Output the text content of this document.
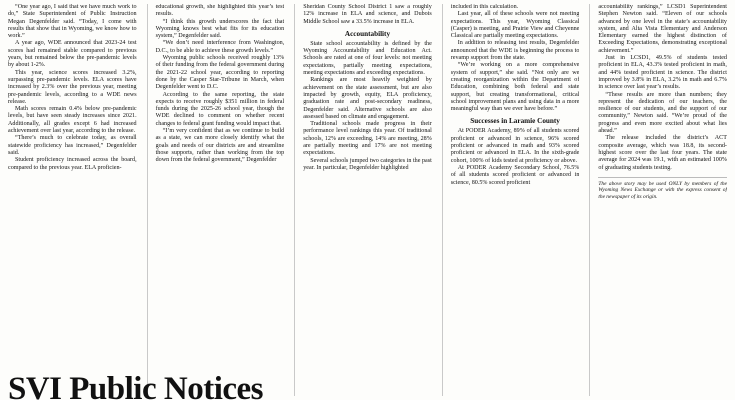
“One year ago, I said that we have much work to do,” State Superintendent of Public Instruction Megan Degenfelder said. “Today, I come with results that show that in Wyoming, we know how to work.”

A year ago, WDE announced that 2023-24 test scores had remained stable compared to previous years, but remained below the pre-pandemic levels by about 1-2%.

This year, science scores increased 3.2%, surpassing pre-pandemic levels. ELA scores have increased by 2.3% over the previous year, meeting pre-pandemic levels, according to a WDE news release.

Math scores remain 0.4% below pre-pandemic levels, but have seen steady increases since 2021. Additionally, all grades except 6 had increased achievement over last year, according to the release.

“There’s much to celebrate today, as overall statewide proficiency has increased,” Degenfelder said.

Student proficiency increased across the board, compared to the previous year. ELA proficien-

educational growth, she highlighted this year’s test results.

“I think this growth underscores the fact that Wyoming knows best what fits for its education system,” Degenfelder said.

“We don’t need interference from Washington, D.C., to be able to achieve these growth levels.”

Wyoming public schools received roughly 13% of their funding from the federal government during the 2021-22 school year, according to reporting done by the Casper Star-Tribune in March, when Degenfelder went to D.C.

According to the same reporting, the state expects to receive roughly $351 million in federal funds during the 2025-26 school year, though the WDE declined to comment on whether recent changes to federal grant funding would impact that.

“I’m very confident that as we continue to build as a state, we can more closely identify what the goals and needs of our districts are and streamline those supports, rather than working from the top down from the federal government,” Degenfelder

Sheridan County School District 1 saw a roughly 12% increase in ELA and science, and Dubois Middle School saw a 33.5% increase in ELA.

Accountability

State school accountability is defined by the Wyoming Accountability and Education Act. Schools are rated at one of four levels: not meeting expectations, partially meeting expectations, meeting expectations and exceeding expectations.

Rankings are most heavily weighted by achievement on the state assessment, but are also impacted by growth, equity, ELA proficiency, graduation rate and post-secondary readiness, Degenfelder said. Alternative schools are also assessed based on climate and engagement.

Traditional schools made progress in their performance level rankings this year. Of traditional schools, 12% are exceeding, 14% are meeting, 28% are partially meeting and 17% are not meeting expectations.

Several schools jumped two categories in the past year. In particular, Degenfelder highlighted

included in this calculation.

Last year, all of these schools were not meeting expectations. This year, Wyoming Classical (Casper) is meeting, and Prairie View and Cheyenne Classical are partially meeting expectations.

In addition to releasing test results, Degenfelder announced that the WDE is beginning the process to revamp support from the state.

“We’re working on a more comprehensive system of support,” she said. “Not only are we creating reorganization within the Department of Education, combining both federal and state support, but creating transformational, critical school improvement plans and using data in a more meaningful way than we ever have before.”

Successes in Laramie County

At PODER Academy, 89% of all students scored proficient or advanced in science, 96% scored proficient or advanced in math and 93% scored proficient or advanced in ELA. In the sixth-grade cohort, 100% of kids tested at proficiency or above.

At PODER Academy Secondary School, 76.5% of all students scored proficient or advanced in science, 80.5% scored proficient

accountability rankings,” LCSD1 Superintendent Stephen Newton said. “Eleven of our schools advanced by one level in the state’s accountability system, and Alta Vista Elementary and Anderson Elementary earned the highest distinction of Exceeding Expectations, demonstrating exceptional achievement.”

Just in LCSD1, 49.5% of students tested proficient in ELA, 43.3% tested proficient in math, and 44% tested proficient in science. The district improved by 3.8% in ELA, 3.2% in math and 6.7% in science over last year’s results.

“These results are more than numbers; they represent the dedication of our teachers, the resilience of our students, and the support of our community,” Newton said. “We’re proud of the progress and even more excited about what lies ahead.”

The release included the district’s ACT composite average, which was 18.8, its second-highest score over the last four years. The state average for 2024 was 19.1, with an estimated 100% of graduating students testing.

The above story may be used ONLY by members of the Wyoming News Exchange or with the express consent of the newspaper of its origin.
SVI Public Notices
